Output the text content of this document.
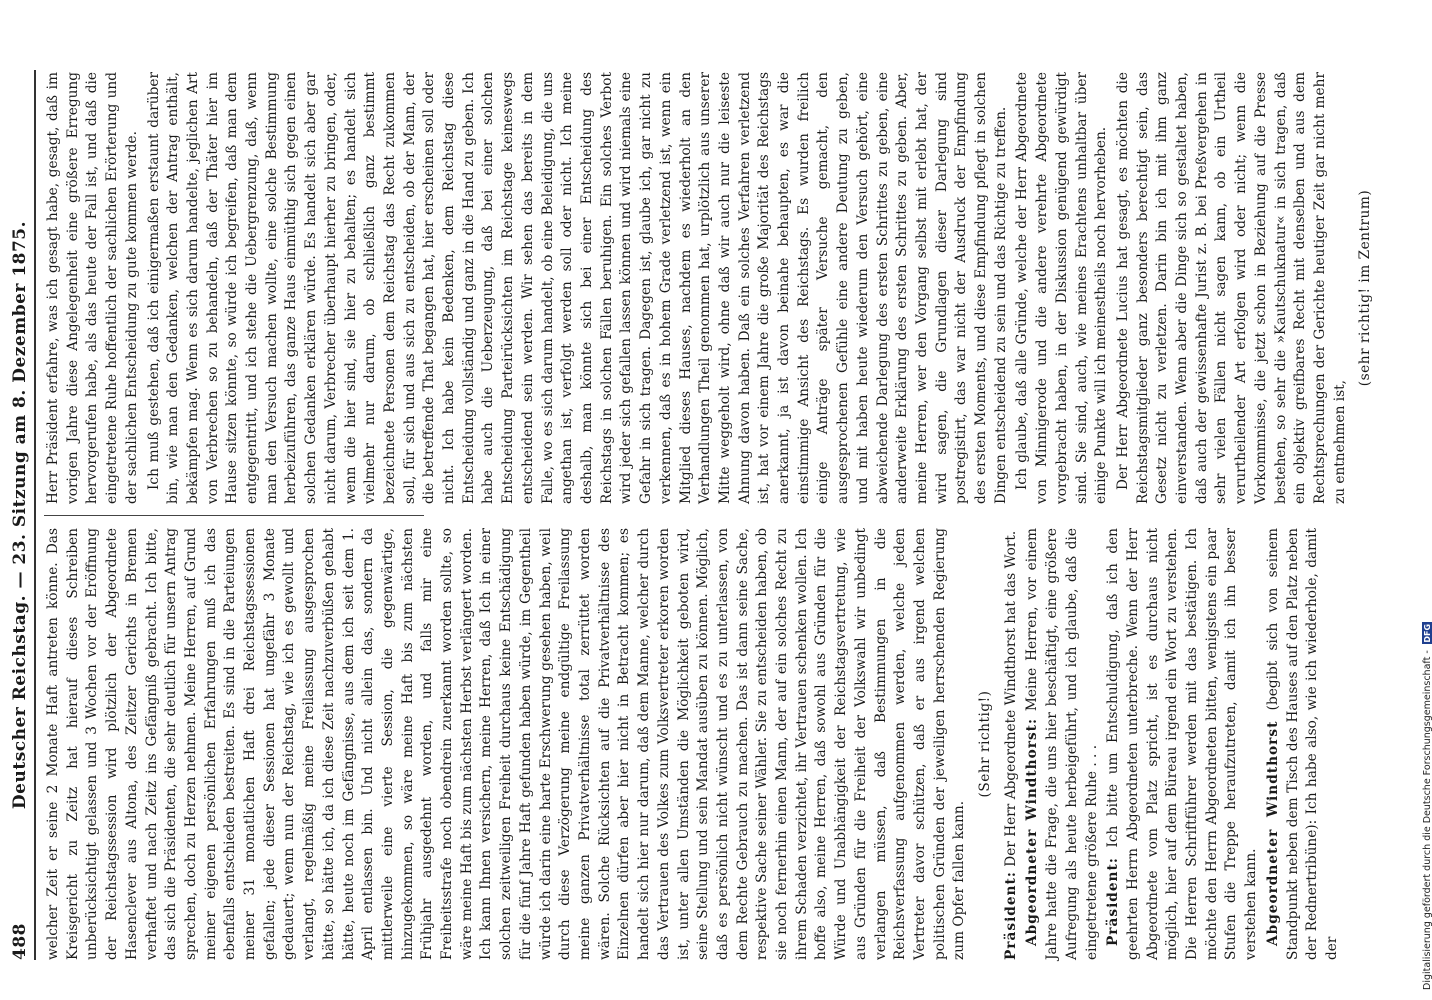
488
Deutscher Reichstag. — 23. Sitzung am 8. Dezember 1875. welcher Zeit er seine 2 Monate Haft antreten könne. Das Kreisgericht zu Zeitz hat hierauf dieses Schreiben unberücksichtigt gelassen und 3 Wochen vor der Eröffnung der Reichstagssession wird plötzlich der Abgeordnete Hasenclever aus Altona, des Zeitzer Gerichts in Bremen verhaftet und nach Zeitz ins Gefängniß gebracht. Ich bitte, das sich die Präsidenten, die sehr deutlich für unsern Antrag sprechen, doch zu Herzen nehmen. Meine Herren, auf Grund meiner eigenen persönlichen Erfahrungen muß ich das ebenfalls entschieden bestreiten. Es sind in die Parteiungen meiner 31 monatlichen Haft drei Reichstagssessionen gefallen; jede dieser Sessionen hat ungefähr 3 Monate gedauert; wenn nun der Reichstag, wie ich es gewollt und verlangt, regelmäßig meine Freilassung ausgesprochen hätte, so hätte ich, da ich diese Zeit nachzuverbüßen gehabt hätte, heute noch im Gefängnisse, aus dem ich seit dem 1. April entlassen bin. Und nicht allein das, sondern da mittlerweile eine vierte Session, die gegenwärtige, hinzugekommen, so wäre meine Haft bis zum nächsten Frühjahr ausgedehnt worden, und falls mir eine Freiheitsstrafe noch obendrein zuerkannt worden sollte, so wäre meine Haft bis zum nächsten Herbst verlängert worden. Ich kann Ihnen versichern, meine Herren, daß Ich in einer solchen zeitweiligen Freiheit durchaus keine Entschädigung für die fünf Jahre Haft gefunden haben würde, im Gegentheil würde ich darin eine harte Erschwerung gesehen haben, weil durch diese Verzögerung meine endgültige Freilassung meine ganzen Privatverhältnisse total zerrüttet worden wären. Solche Rücksichten auf die Privatverhältnisse des Einzelnen dürfen aber hier nicht in Betracht kommen; es handelt sich hier nur darum, daß dem Manne, welcher durch das Vertrauen des Volkes zum Volksvertreter erkoren worden ist, unter allen Umständen die Möglichkeit geboten wird, seine Stellung und sein Mandat ausüben zu können. Möglich, daß es persönlich nicht wünscht und es zu unterlassen, von dem Rechte Gebrauch zu machen. Das ist dann seine Sache, respektive Sache seiner Wähler. Sie zu entscheiden haben, ob sie noch fernerhin einen Mann, der auf ein solches Recht zu ihrem Schaden verzichtet, ihr Vertrauen schenken wollen. Ich hoffe also, meine Herren, daß sowohl aus Gründen für die Würde und Unabhängigkeit der Reichstagsvertretung, wie aus Gründen für die Freiheit der Volkswahl wir unbedingt verlangen müssen, daß Bestimmungen in die Reichsverfassung aufgenommen werden, welche jeden Vertreter davor schützen, daß er aus irgend welchen politischen Gründen der jeweiligen herrschenden Regierung zum Opfer fallen kann.

(Sehr richtig!)

Präsident: Der Herr Abgeordnete Windthorst hat das Wort. Abgeordneter Windthorst: Meine Herren, vor einem Jahre hatte die Frage, die uns hier beschäftigt, eine größere Aufregung als heute herbeigeführt, und ich glaube, daß die eingetretene größere Ruhe . . . Präsident: Ich bitte um Entschuldigung, daß ich den geehrten Herrn Abgeordneten unterbreche. Wenn der Herr Abgeordnete vom Platz spricht, ist es durchaus nicht möglich, hier auf dem Büreau irgend ein Wort zu verstehen. Die Herren Schriftführer werden mit das bestätigen. Ich möchte den Herrn Abgeordneten bitten, wenigstens ein paar Stufen die Treppe heraufzutreten, damit ich ihn besser verstehen kann. Abgeordneter Windthorst (begibt sich von seinem Standpunkt neben dem Tisch des Hauses auf den Platz neben der Rednertribüne): Ich habe also, wie ich wiederhole, damit der

Herr Präsident erfahre, was ich gesagt habe, gesagt, daß im vorigen Jahre diese Angelegenheit eine größere Erregung hervorgerufen habe, als das heute der Fall ist, und daß die eingetretene Ruhe hoffentlich der sachlichen Erörterung und der sachlichen Entscheidung zu gute kommen werde. Ich muß gestehen, daß ich einigermaßen erstaunt darüber bin, wie man den Gedanken, welchen der Antrag enthält, bekämpfen mag. Wenn es sich darum handelte, jeglichen Art von Verbrechen so zu behandeln, daß der Thäter hier im Hause sitzen könnte, so würde ich begreifen, daß man dem entgegentritt, und ich stehe die Uebergrenzung, daß, wenn man den Versuch machen wollte, eine solche Bestimmung herbeizuführen, das ganze Haus einmüthig sich gegen einen solchen Gedanken erklären würde. Es handelt sich aber gar nicht darum, Verbrecher überhaupt hierher zu bringen, oder, wenn die hier sind, sie hier zu behalten; es handelt sich vielmehr nur darum, ob schließlich ganz bestimmt bezeichnete Personen dem Reichstag das Recht zukommen soll, für sich und aus sich zu entscheiden, ob der Mann, der die betreffende That begangen hat, hier erscheinen soll oder nicht. Ich habe kein Bedenken, dem Reichstag diese Entscheidung vollständig und ganz in die Hand zu geben. Ich habe auch die Ueberzeugung, daß bei einer solchen Entscheidung Parteirücksichten im Reichstage keineswegs entscheidend sein werden. Wir sehen das bereits in dem Falle, wo es sich darum handelt, ob eine Beleidigung, die uns angethan ist, verfolgt werden soll oder nicht. Ich meine deshalb, man könnte sich bei einer Entscheidung des Reichstags in solchen Fällen beruhigen. Ein solches Verbot wird jeder sich gefallen lassen können und wird niemals eine Gefahr in sich tragen. Dagegen ist, glaube ich, gar nicht zu verkennen, daß es in hohem Grade verletzend ist, wenn ein Mitglied dieses Hauses, nachdem es wiederholt an den Verhandlungen Theil genommen hat, urplötzlich aus unserer Mitte weggeholt wird, ohne daß wir auch nur die leiseste Ahnung davon haben. Daß ein solches Verfahren verletzend ist, hat vor einem Jahre die große Majorität des Reichstags anerkannt, ja ist davon beinahe behaupten, es war die einstimmige Ansicht des Reichstags. Es wurden freilich einige Anträge später Versuche gemacht, den ausgesprochenen Gefühle eine andere Deutung zu geben, und mit haben heute wiederum den Versuch gehört, eine abweichende Darlegung des ersten Schrittes zu geben, eine anderweite Erklärung des ersten Schrittes zu geben. Aber, meine Herren, wer den Vorgang selbst mit erlebt hat, der wird sagen, die Grundlagen dieser Darlegung sind postregistirt, das war nicht der Ausdruck der Empfindung des ersten Moments, und diese Empfindung pflegt in solchen Dingen entscheidend zu sein und das Richtige zu treffen. Ich glaube, daß alle Gründe, welche der Herr Abgeordnete von Minnigerode und die andere verehrte Abgeordnete vorgebracht haben, in der Diskussion genügend gewürdigt sind. Sie sind, auch, wie meines Erachtens unhaltbar über einige Punkte will ich meinestheils noch hervorheben. Der Herr Abgeordnete Lucius hat gesagt, es möchten die Reichstagsmitglieder ganz besonders berechtigt sein, das Gesetz nicht zu verletzen. Darin bin ich mit ihm ganz einverstanden. Wenn aber die Dinge sich so gestaltet haben, daß auch der gewissenhafte Jurist z. B. bei Preßvergehen in sehr vielen Fällen nicht sagen kann, ob ein Urtheil verurtheilender Art erfolgen wird oder nicht; wenn die Vorkommnisse, die jetzt schon in Beziehung auf die Presse bestehen, so sehr die »Kautschuknatur« in sich tragen, daß ein objektiv greifbares Recht mit denselben und aus dem Rechtsprechungen der Gerichte heutiger Zeit gar nicht mehr zu entnehmen ist,

(sehr richtig! im Zentrum)

Digitalisierung gefördert durch die Deutsche Forschungsgemeinschaft -
DFG
